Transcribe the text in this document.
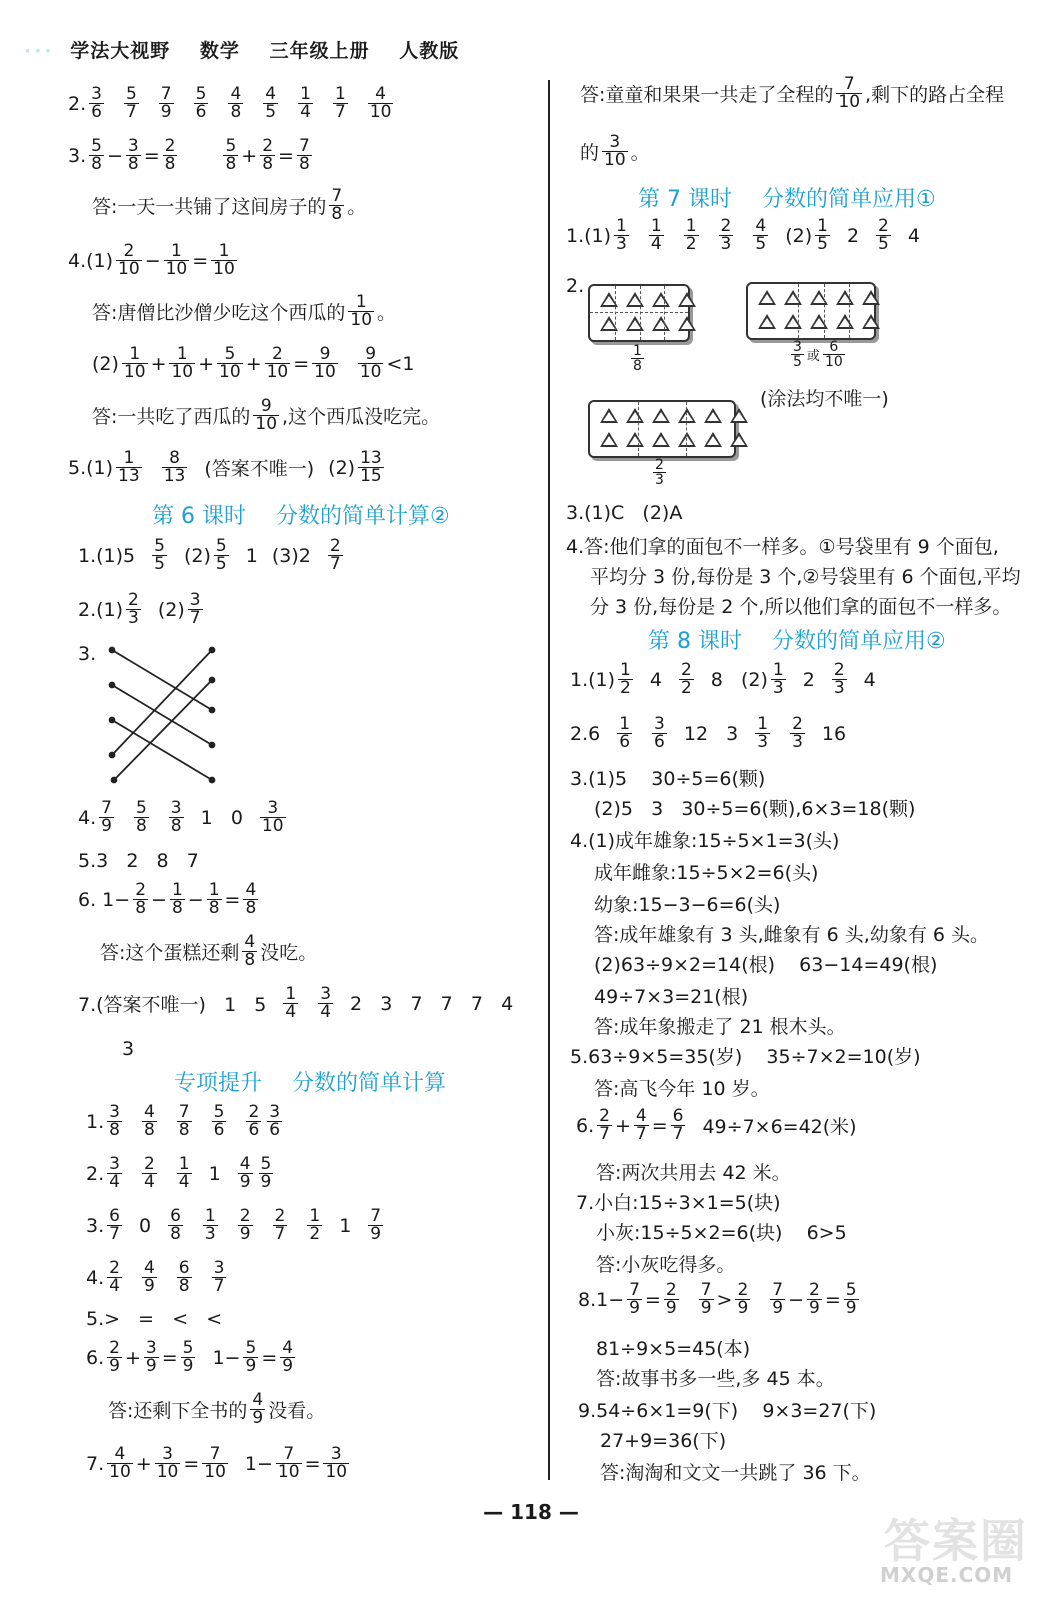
··· 学法大视野 数学 三年级上册 人教版
2. $\frac{3}{6} \frac{5}{7} \frac{7}{9} \frac{5}{6} \frac{4}{8} \frac{4}{5} \frac{1}{4} \frac{1}{7} \frac{4}{10}$
3. $\frac{5}{8} - \frac{3}{8} = \frac{2}{8}$	$\frac{5}{8} + \frac{2}{8} = \frac{7}{8}$
答:一天一共铺了这间房子的 $\frac{7}{8}$ 。
$4.(1) \frac{2}{10} - \frac{1}{10} = \frac{1}{10}$
答:唐僧比沙僧少吃这个西瓜的 $\frac{1}{10}$ 。
$(2) \frac{1}{10} + \frac{1}{10} + \frac{5}{10} + \frac{2}{10} = \frac{9}{10} \frac{9}{10} <1$
答:一共吃了西瓜的 $\frac{9}{10}$ ,这个西瓜没吃完。
$5.(1) \frac{1}{13} \frac{8}{13}$ (答案不唯一) $(2) \frac{13}{15}$
第 6 课时 分数的简单计算②
$1.(1)5 \frac{5}{5} (2) \frac{5}{5} 1$ $(3)2 \frac{2}{7}$
$2.(1) \frac{2}{3} (2) \frac{3}{7}$
3.
4. $\frac{7}{9} \frac{5}{8} \frac{3}{8} 1$   $0 \frac{3}{10}$
5.3   2   8   7
6. $1- \frac{2}{8} - \frac{1}{8} - \frac{1}{8} = \frac{4}{8}$
答:这个蛋糕还剩 $\frac{4}{8}$ 没吃。
7.(答案不唯一)   1   $5 \frac{1}{4} \frac{3}{4} 2$   3   7   7   7   4
3
专项提升 分数的简单计算
1. $\frac{3}{8} \frac{4}{8} \frac{7}{8} \frac{5}{6} \frac{2}{6} \frac{3}{6}$
2. $\frac{3}{4} \frac{2}{4} \frac{1}{4} 1 \frac{4}{9} \frac{5}{9}$
3. $\frac{6}{7} 0 \frac{6}{8} \frac{1}{3} \frac{2}{9} \frac{2}{7} \frac{1}{2} 1 \frac{7}{9}$
4. $\frac{2}{4} \frac{4}{9} \frac{6}{8} \frac{3}{7}$
5.>   =   <   <
6. $\frac{2}{9} + \frac{3}{9} = \frac{5}{9} 1- \frac{5}{9} = \frac{4}{9}$
答:还剩下全书的 $\frac{4}{9}$ 没看。
7. $\frac{4}{10} + \frac{3}{10} = \frac{7}{10} 1- \frac{7}{10} = \frac{3}{10}$
答:童童和果果一共走了全程的 $\frac{7}{10}$ ,剩下的路占全程
的 $\frac{3}{10}$ 。
第 7 课时 分数的简单应用①
$1.(1) \frac{1}{3} \frac{1}{4} \frac{1}{2} \frac{2}{3} \frac{4}{5} (2) \frac{1}{5} 2 \frac{2}{5} 4$
2.
$\frac{1}{8}$	$\frac{3}{5}$ 或 $\frac{6}{10}$
(涂法均不唯一)
$\frac{2}{3}$
3.(1)C   (2)A
4.答:他们拿的面包不一样多。①号袋里有 9 个面包,
平均分 3 份,每份是 3 个,②号袋里有 6 个面包,平均
分 3 份,每份是 2 个,所以他们拿的面包不一样多。
第 8 课时 分数的简单应用②
$1.(1) \frac{1}{2} 4 \frac{2}{2} 8$   $(2) \frac{1}{3} 2 \frac{2}{3} 4$
$2.6 \frac{1}{6} \frac{3}{6} 12$   $3 \frac{1}{3} \frac{2}{3} 16$
3.(1)5    30÷5=6(颗)
(2)5   3   30÷5=6(颗),6×3=18(颗)
4.(1)成年雄象:15÷5×1=3(头)
成年雌象:15÷5×2=6(头)
幼象:15−3−6=6(头)
答:成年雄象有 3 头,雌象有 6 头,幼象有 6 头。
(2)63÷9×2=14(根)    63−14=49(根)
49÷7×3=21(根)
答:成年象搬走了 21 根木头。
5.63÷9×5=35(岁)    35÷7×2=10(岁)
答:高飞今年 10 岁。
6. $\frac{2}{7} + \frac{4}{7} = \frac{6}{7} 49\div 7\times 6=42$(米)
答:两次共用去 42 米。
7.小白:15÷3×1=5(块)
小灰:15÷5×2=6(块)    6>5
答:小灰吃得多。
$8.1- \frac{7}{9} = \frac{2}{9} \frac{7}{9} > \frac{2}{9} \frac{7}{9} - \frac{2}{9} = \frac{5}{9}$
81÷9×5=45(本)
答:故事书多一些,多 45 本。
9.54÷6×1=9(下)    9×3=27(下)
27+9=36(下)
答:淘淘和文文一共跳了 36 下。
— 118 —
答案圈
MXQE.COM
